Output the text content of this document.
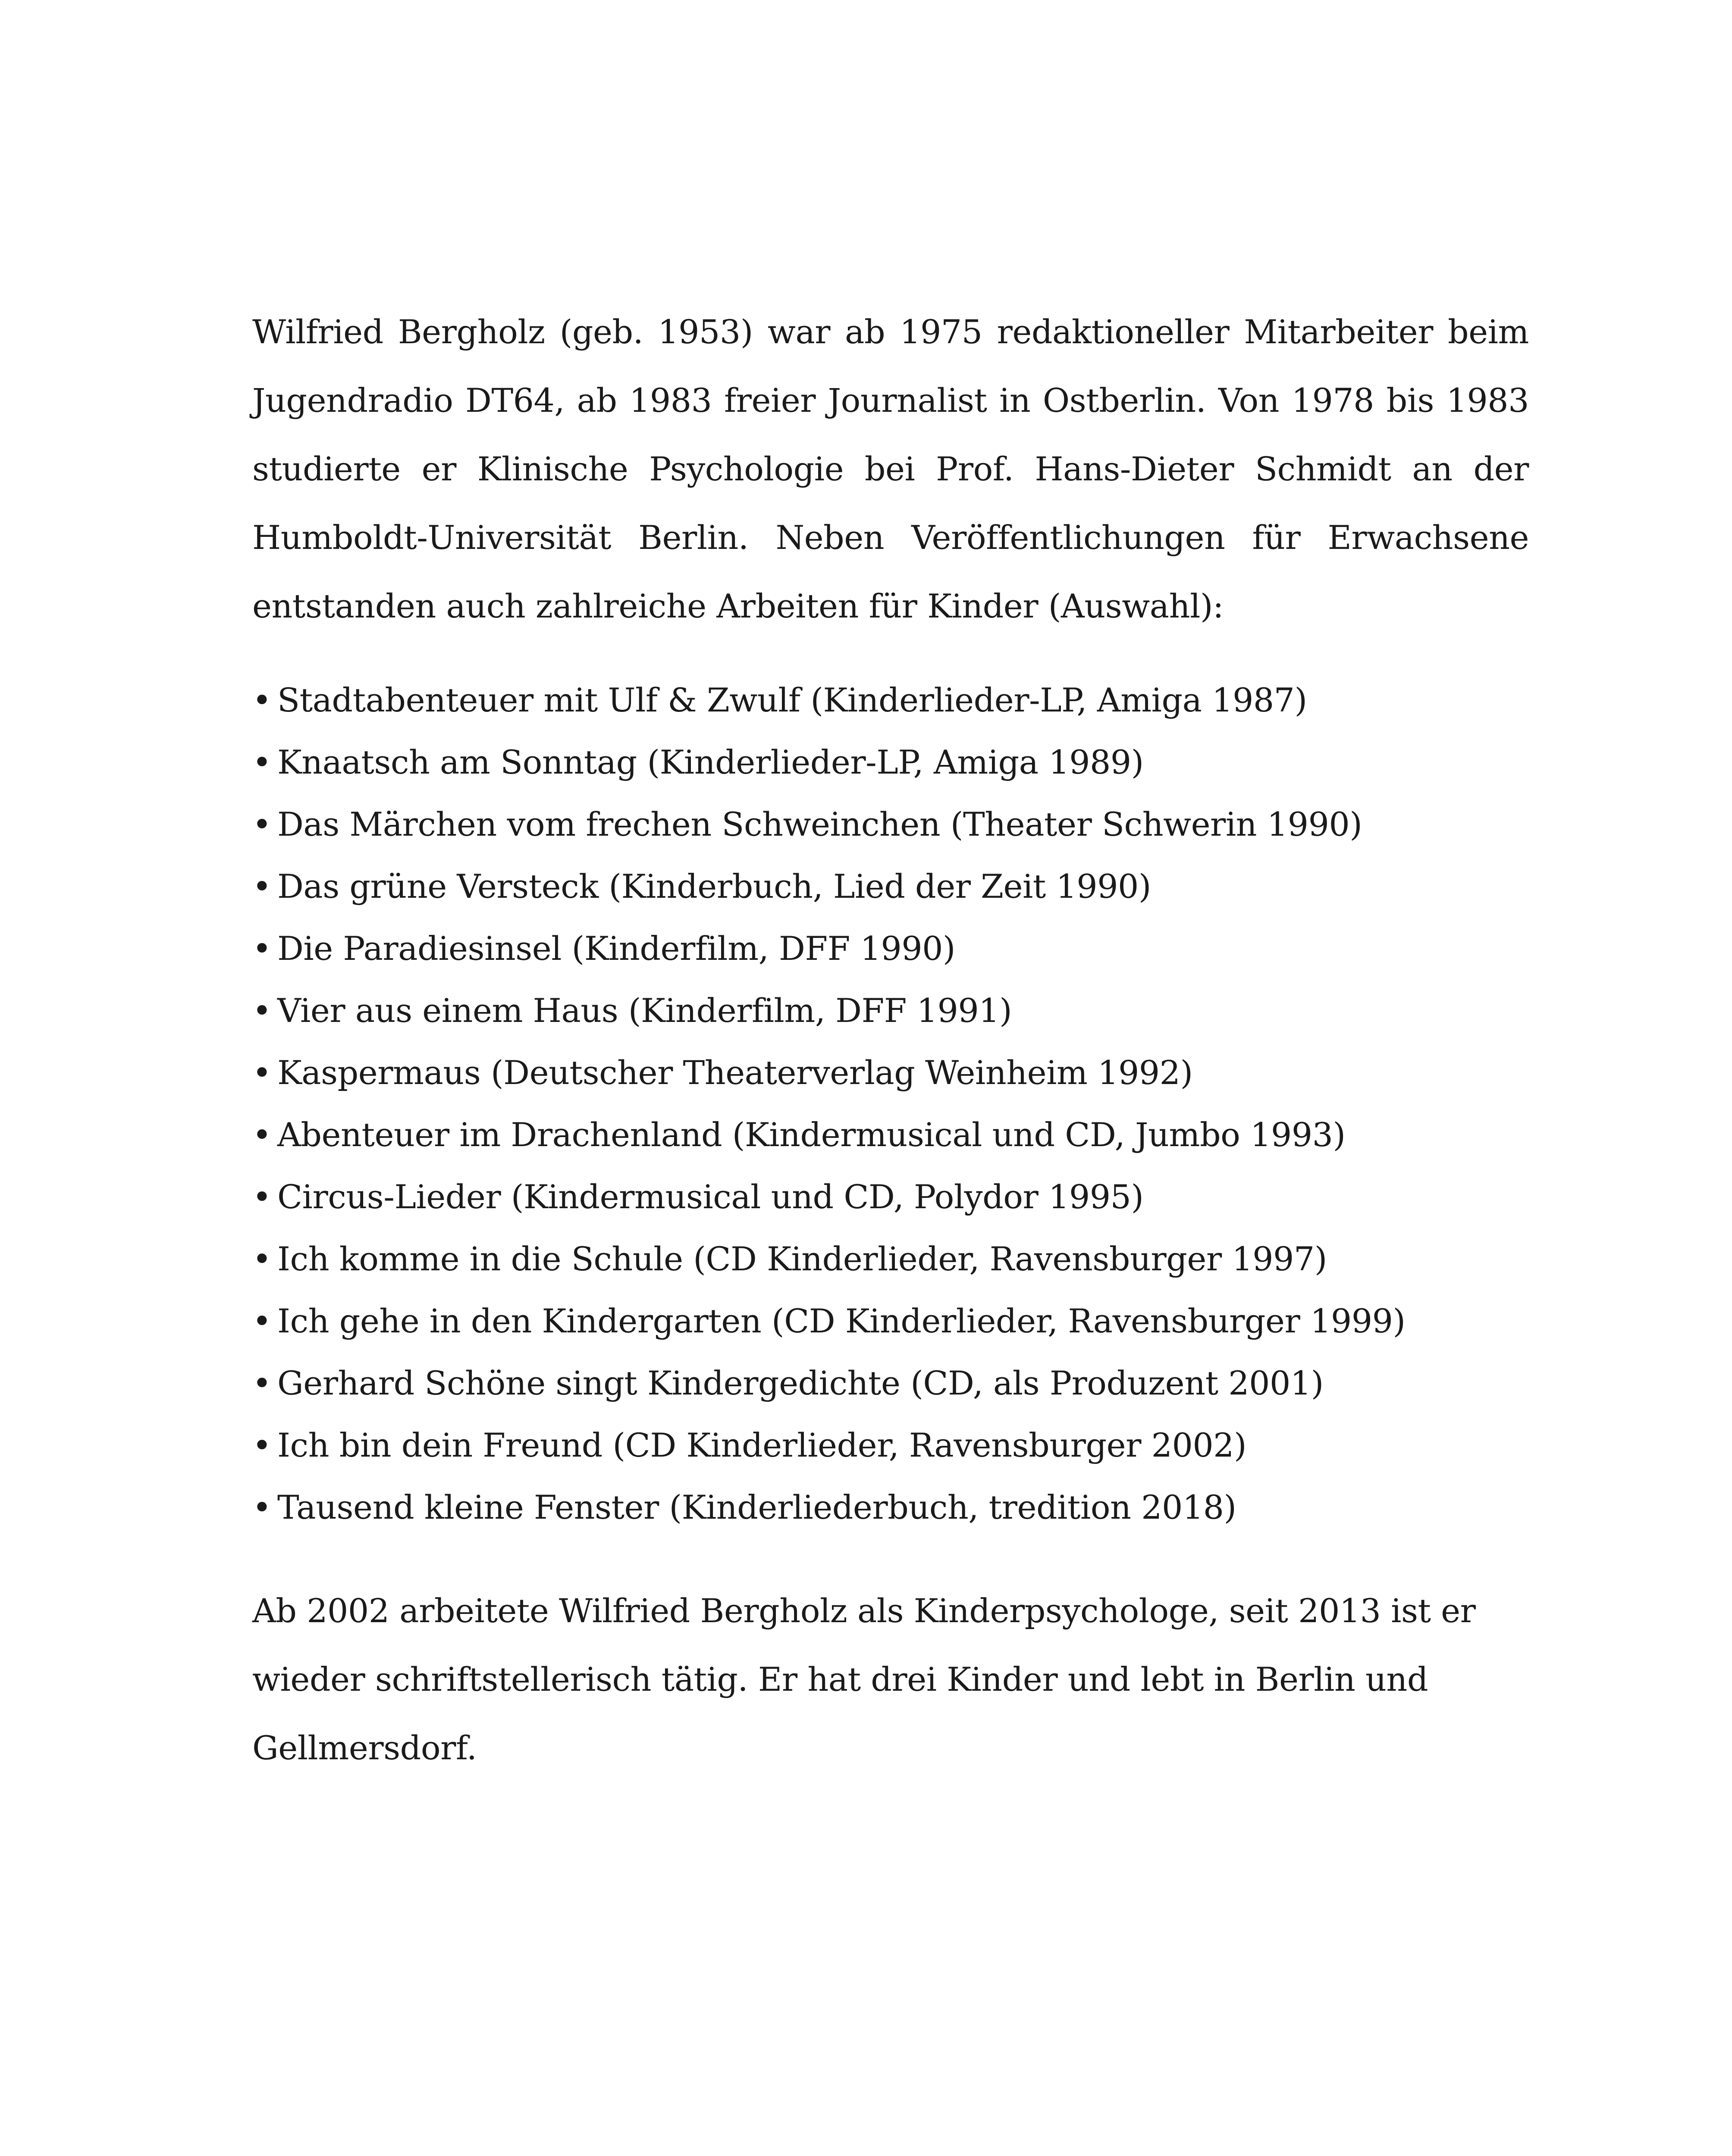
Wilfried Bergholz (geb. 1953) war ab 1975 redaktioneller Mitarbeiter beim Jugendradio DT64, ab 1983 freier Journalist in Ostberlin. Von 1978 bis 1983 studierte er Klinische Psychologie bei Prof. Hans-Dieter Schmidt an der Humboldt-Universität Berlin. Neben Veröffentlichungen für Erwachsene entstanden auch zahlreiche Arbeiten für Kinder (Auswahl):

• Stadtabenteuer mit Ulf & Zwulf (Kinderlieder-LP, Amiga 1987)
• Knaatsch am Sonntag (Kinderlieder-LP, Amiga 1989)
• Das Märchen vom frechen Schweinchen (Theater Schwerin 1990)
• Das grüne Versteck (Kinderbuch, Lied der Zeit 1990)
• Die Paradiesinsel (Kinderfilm, DFF 1990)
• Vier aus einem Haus (Kinderfilm, DFF 1991)
• Kaspermaus (Deutscher Theaterverlag Weinheim 1992)
• Abenteuer im Drachenland (Kindermusical und CD, Jumbo 1993)
• Circus-Lieder (Kindermusical und CD, Polydor 1995)
• Ich komme in die Schule (CD Kinderlieder, Ravensburger 1997)
• Ich gehe in den Kindergarten (CD Kinderlieder, Ravensburger 1999)
• Gerhard Schöne singt Kindergedichte (CD, als Produzent 2001)
• Ich bin dein Freund (CD Kinderlieder, Ravensburger 2002)
• Tausend kleine Fenster (Kinderliederbuch, tredition 2018)

Ab 2002 arbeitete Wilfried Bergholz als Kinderpsychologe, seit 2013 ist er wieder schriftstellerisch tätig. Er hat drei Kinder und lebt in Berlin und Gellmersdorf.
